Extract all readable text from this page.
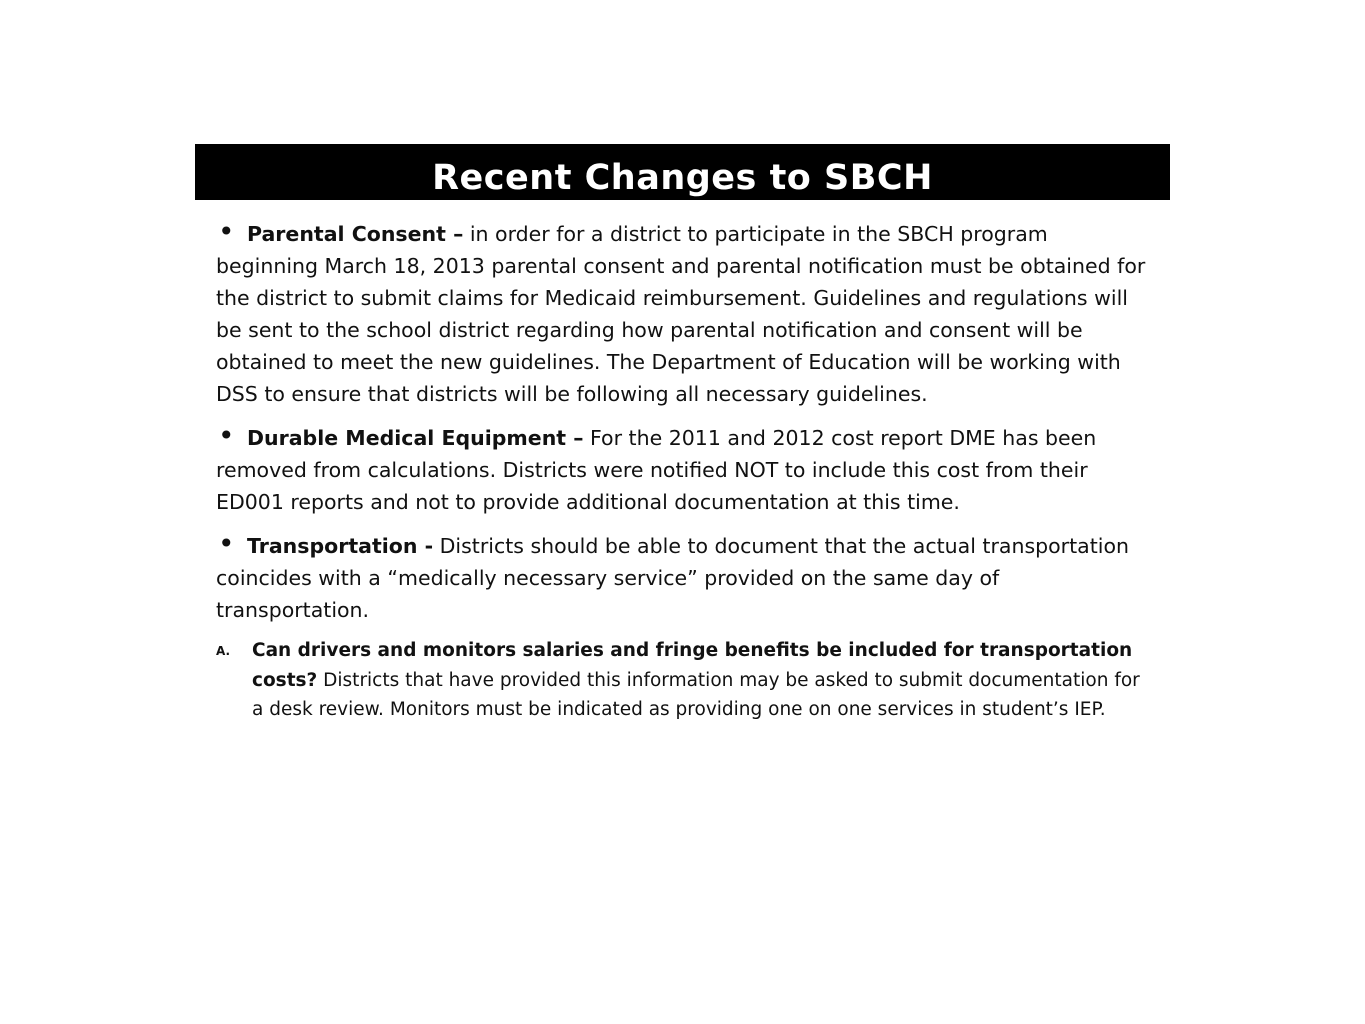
Recent Changes to SBCH
• Parental Consent – in order for a district to participate in the SBCH program beginning March 18, 2013 parental consent and parental notification must be obtained for the district to submit claims for Medicaid reimbursement. Guidelines and regulations will be sent to the school district regarding how parental notification and consent will be obtained to meet the new guidelines. The Department of Education will be working with DSS to ensure that districts will be following all necessary guidelines.
• Durable Medical Equipment – For the 2011 and 2012 cost report DME has been removed from calculations. Districts were notified NOT to include this cost from their ED001 reports and not to provide additional documentation at this time.
• Transportation - Districts should be able to document that the actual transportation coincides with a “medically necessary service” provided on the same day of transportation.
A. Can drivers and monitors salaries and fringe benefits be included for transportation costs? Districts that have provided this information may be asked to submit documentation for a desk review. Monitors must be indicated as providing one on one services in student’s IEP.
